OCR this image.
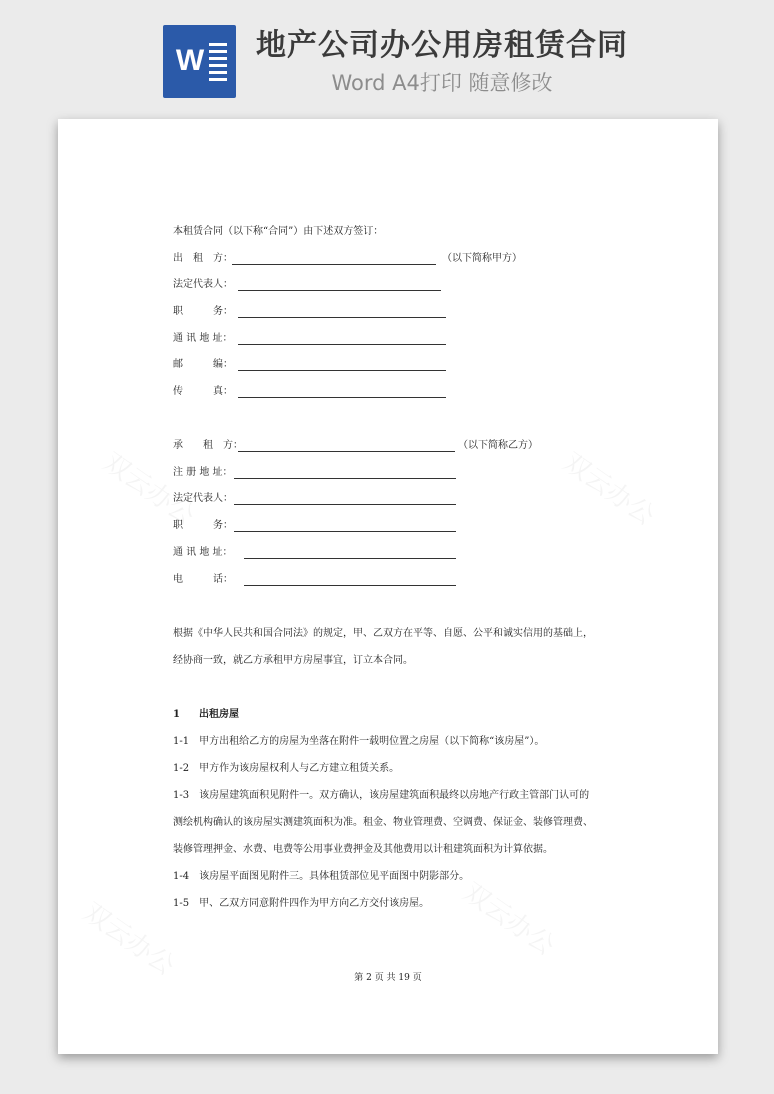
W 地产公司办公用房租赁合同
Word A4打印 随意修改
本租赁合同（以下称“合同”）由下述双方签订：
出　租　方：	（以下简称甲方）
法定代表人：
职　　　务：
通 讯 地 址：
邮　　　编：
传　　　真：
承　　租　方：	（以下简称乙方）
注 册 地 址：
法定代表人：
职　　　务：
通 讯 地 址：
电　　　话：
根据《中华人民共和国合同法》的规定，甲、乙双方在平等、自愿、公平和诚实信用的基础上，
经协商一致，就乙方承租甲方房屋事宜，订立本合同。
1 出租房屋
1-1　甲方出租给乙方的房屋为坐落在附件一载明位置之房屋（以下简称“该房屋”）。
1-2　甲方作为该房屋权利人与乙方建立租赁关系。
1-3　该房屋建筑面积见附件一。双方确认，该房屋建筑面积最终以房地产行政主管部门认可的
测绘机构确认的该房屋实测建筑面积为准。租金、物业管理费、空调费、保证金、装修管理费、
装修管理押金、水费、电费等公用事业费押金及其他费用以计租建筑面积为计算依据。
1-4　该房屋平面图见附件三。具体租赁部位见平面图中阴影部分。
1-5　甲、乙双方同意附件四作为甲方向乙方交付该房屋。
第 2 页 共 19 页
